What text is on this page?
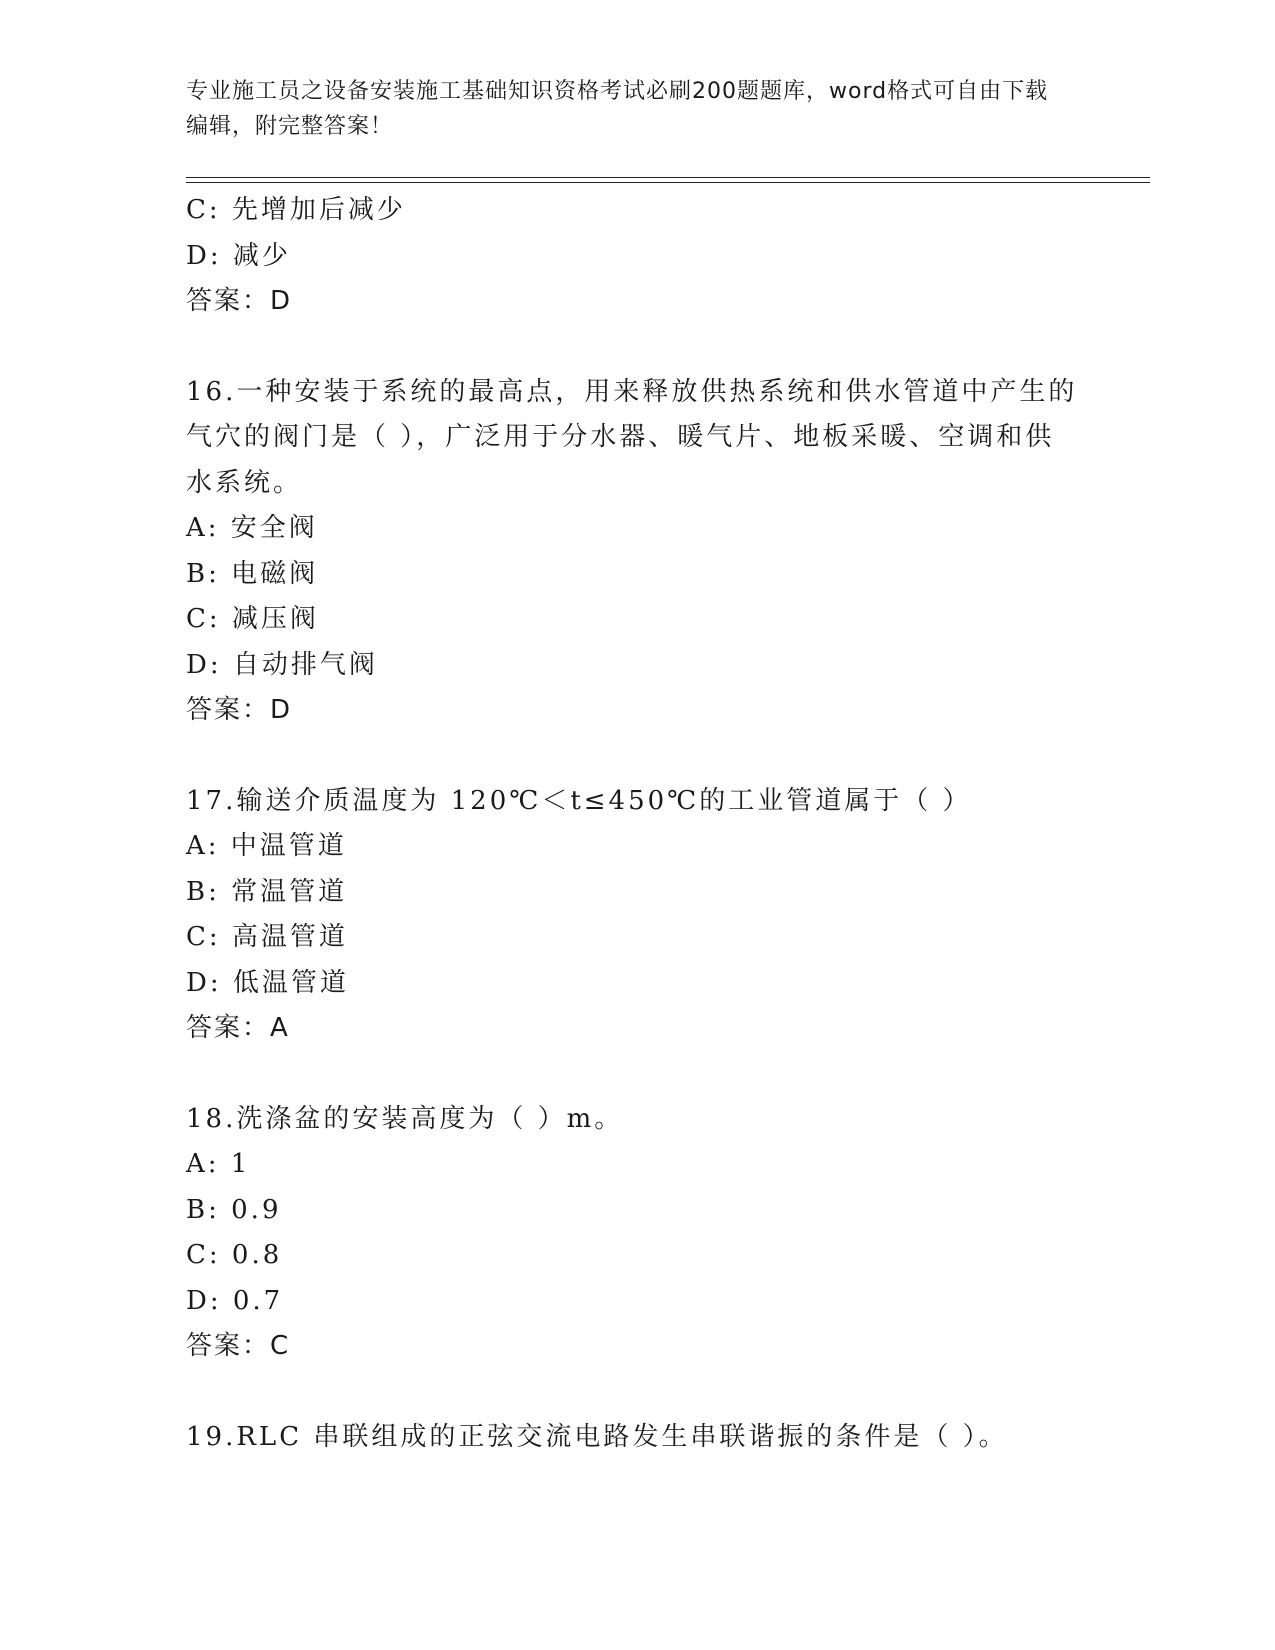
专业施工员之设备安装施工基础知识资格考试必刷200题题库，word格式可自由下载编辑，附完整答案！
C: 先增加后减少
D: 减少
答案：D
16.一种安装于系统的最高点，用来释放供热系统和供水管道中产生的
气穴的阀门是（ ），广泛用于分水器、暖气片、地板采暖、空调和供
水系统。
A: 安全阀
B: 电磁阀
C: 减压阀
D: 自动排气阀
答案：D
17.输送介质温度为 120℃＜t≤450℃的工业管道属于（ ）
A: 中温管道
B: 常温管道
C: 高温管道
D: 低温管道
答案：A
18.洗涤盆的安装高度为（ ）m。
A: 1
B: 0.9
C: 0.8
D: 0.7
答案：C
19.RLC 串联组成的正弦交流电路发生串联谐振的条件是（ ）。
